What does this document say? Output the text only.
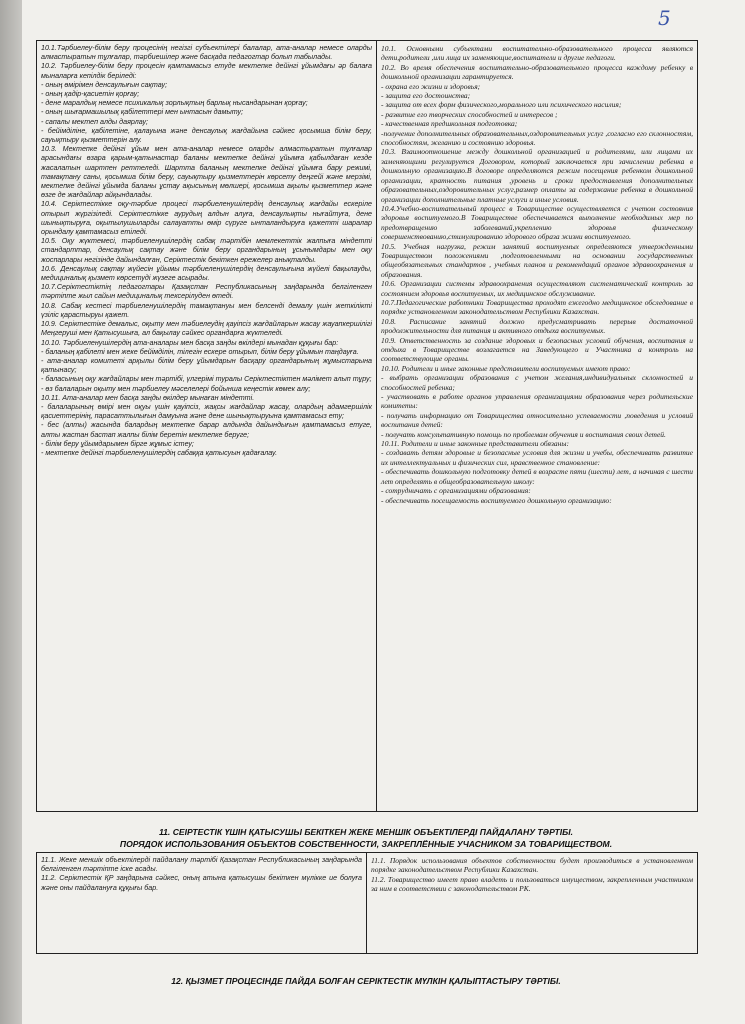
5

10.1.Тәрбиелеу-білім беру процесінің негізгі субъектілері балалар, ата-аналар немесе оларды алмастыратын тұлғалар, тәрбиешілер және басқада педагогтар болып табылады.

10.2. Тәрбиелеу-білім беру процесін қамтамасыз етуде мектепке дейінгі ұйымдағы әр балаға мыналарға кепілдік беріледі:

- оның өмірімен денсаулығын сақтау;

- оның қадір-қасиетін қорғау;

- дене маралдық немесе психикалық зорлықтың барлық нысандарынан қорғау;

- оның шығармашылық қабілеттері мен ынтасын дамыту;

- сапалы мектеп алды даярлау;

- бейімділіне, қабілетіне, қалауына және денсаулық жағдайына сәйкес қосымша білім беру, сауықтыру қызметтерін алу.

10.3. Мектепке дейінгі ұйым мен ата-аналар немесе оларды алмастыратын тұлғалар арасындағы өзара қарым-қатынастар баланы мектепке дейінгі ұйымға қабылдаған кезде жасалатын шартпен реттеледі. Шартта баланың мектепке дейінгі ұйымға бару режимі, тамақтану саны, қосымша білім беру, сауықтыру қызметтерін көрсету деңгейі және мерзімі, мектепке дейінгі ұйымда баланы ұстау ақысының мөлшері, қосымша ақылы қызметтер және өзге де жағдайлар айқындалады.

10.4. Серіктестікке оқу-тәрбие процесі тәрбиеленушілердің денсаулық жағдайы ескеріле отырып жүргізіледі. Серіктестікке аурудың алдын алуға, денсаулықты нығайтуға, дене шынықтыруға, оқытылушыларды салауатты өмір сүруге ынталандыруға қажетті шаралар орындалу қамтамасыз етіледі.

10.5. Оқу жүктемесі, тәрбиеленушілердің сабақ тәртібін мемлекеттік жалпыға міндетті стандарттар, денсаулық сақтау және білім беру органдарының ұсынымдары мен оқу жоспарлары негізінде дайындалған, Серіктестік бекіткен ережелер анықталды.

10.6. Денсаулық сақтау жүйесін ұйымы тәрбиеленушілердің денсаулығына жүйелі бақылауды, медициналық қызмет көрсетуді жүзеге асырады.

10.7.Серіктестіктің педагогтары Қазақстан Республикасының заңдарында белгіленген тәртіпте жыл сайын медициналық тексерілуден өтеді.

10.8. Сабақ кестесі тәрбиеленушілердің тамақтануы мен белсенді демалу үшін жеткілікті үзіліс қарастыруы қажет.

10.9. Серіктестіке демалыс, оқыту мен тәбиелеудің қауіпсіз жағдайларын жасау жауапкершілігі Меңгеруші мен Қатысушыға, ал бақылау сәйкес органдарға жүктеледі.

10.10. Тәрбиеленушілердің ата-аналары мен басқа заңды өкілдері мынадан құқығы бар:

- баланың қабілеті мен жеке бейімділін, тілегін ескере отырып, білім беру ұйымын таңдауға.

- ата-аналар комитеті арқылы білім беру ұйымдарын басқару органдарының жұмыстарына қатынасу;

- баласының оқу жағдайлары мен тәртібі, үлгерімі туралы Серіктестіктен мәлімет алып тұру;

- өз балаларын оқыту мен тәрбиелеу мәселелері бойынша кеңестік көмек алу;

10.11. Ата-аналар мен басқа заңды өкілдер мынаған міндетті.

- балаларының өмірі мен оқуы үшін қауіпсіз, жақсы жағдайлар жасау, олардың адамгершілік қасиеттерінің, парасаттылығын дамуына және дене шынықтыруына қамтамасыз ету;

- бес (алты) жасында балардың мектепке барар алдында дайындығын қамтамасыз етуге, алты жастан бастап жалпы білім беретін мектепке беруге;

- білім беру ұйымдарымен бірге жұмыс істеу;

- мектепке дейінгі тәрбиеленушілердің сабаққа қатысуын қадағалау.

10.1. Основными субъектами воспитательно-образовательного процесса являются дети,родители ,или лица их заменяющие,воспитатели и другие педагоги.

10.2. Во время обеспечения воспитательно-образовательного процесса каждому ребенку в дошкольной организации гарантируется.

- охрана его жизни и здоровья;

- защита его достоинства;

- защита от всех форм физического,морального или психического насилия;

- развитие его творческих способностей и интересов ;

- качественная предшкольная подготовка;

-получение дополнительных образовательных,оздоровительных услуг ,согласно его склонностям, способностям, желанию и состоянию здоровья.

10.3. Взаимоотношение между дошкольной организацией и родителями, или лицами их заменяющими регулируется Договором, который заключается при зачислении ребенка в дошкольную организацию.В договоре определяются режим посещения ребенком дошкольной организации, кратность питания ,уровень и сроки предоставления дополнительных образовательных,оздоровительных услуг,размер оплаты за содержание ребенка в дошкольной организации дополнительные платные услуги и иные условия.

10.4.Учебно-воспитательный процесс в Товариществе осуществляется с учетом состояния здоровья воспитуемого.В Товариществе обеспечивается выполнение необходимых мер по предотвращению заболеваний,укреплению здоровья физическому совершенствованию,стимулированию здорового образа жизни воспитуемого.

10.5. Учебная нагрузка, режим занятий воспитуемых определяются утвержденными Товариществом положениями ,подготовленными на основании государственных общеобязательных стандартов , учебных планов и рекомендаций органов здравоохранения и образования.

10.6. Организации системы здравоохранения осуществляют систематический контроль за состоянием здоровья воспитуемых, их медицинское обслуживание.

10.7.Педагогические работники Товарищества проходят ежегодно медицинское обследование в порядке установленном законодательством Республики Казахстан.

10.8. Расписание занятий должно предусматривать перерыв достаточной продолжительности для питания и активного отдыха воспитуемых.

10.9. Ответственность за создание здоровых и безопасных условий обучения, воспитания и отдыха в Товариществе возлагается на Заведующего и Участника а контроль на соответствующие органы.

10.10. Родители и иные законные представители воспитуемых имеют право:

- выбрать организации образования с учетом желания,индивидуальных склонностей и способностей ребенка;

- участвовать в работе органов управления организациями образования через родительские комитеты:

- получать информацию от Товарищества относительно успеваемости ,поведения и условий воспитания детей:

- получать консультативную помощь по проблемам обучения и воспитания своих детей.

10.11. Родители и иные законные представители обязаны:

- создавать детям здоровые и безопасные условия для жизни и учебы, обеспечивать развитие их интеллектуальных и физических сил, нравственное становление:

- обеспечивать дошкольную подготовку детей в возрасте пяти (шести) лет, а начиная с шести лет определять в общеобразовательную школу:

- сотрудничать с организациями образования:

- обеспечивать посещаемость воспитуемого дошкольную организацию:

11. СЕІРТЕСТІК ҮШІН ҚАТЫСУШЫ БЕКІТКЕН ЖЕКЕ МЕНШІК ОБЪЕКТІЛЕРДІ ПАЙДАЛАНУ ТӘРТІБІ.
ПОРЯДОК ИСПОЛЬЗОВАНИЯ ОБЪЕКТОВ СОБСТВЕННОСТИ, ЗАКРЕПЛЁННЫЕ УЧАСНИКОМ ЗА ТОВАРИЩЕСТВОМ.

11.1. Жеке меншік объектілерді пайдалану тәртібі Қазақстан Республикасының заңдарында белгіленген тәртіпте іске асады.

11.2. Серіктестік ҚР заңдарына сәйкес, оның атына қатысушы бекіткен мүлікке ие болуға және оны пайдалануға құқығы бар.

11.1. Порядок использования объектов собственности будет производиться в установленном порядке законодательством Республики Казахстан.

11.2. Товарищество имеет право владеть и пользоваться имуществом, закрепленным участником за ним в соответствии с законодательством РК.

12. ҚЫЗМЕТ ПРОЦЕСІНДЕ ПАЙДА БОЛҒАН СЕРІКТЕСТІК МҮЛКІН ҚАЛЫПТАСТЫРУ ТӘРТІБІ.
